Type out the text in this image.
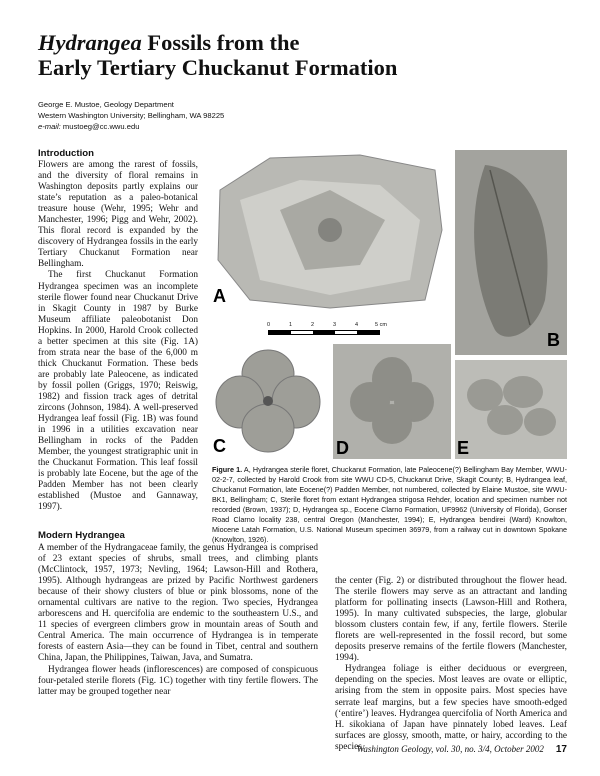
Hydrangea Fossils from the
Early Tertiary Chuckanut Formation
George E. Mustoe, Geology Department
Western Washington University; Bellingham, WA 98225
e-mail: mustoeg@cc.wwu.edu
Introduction

Flowers are among the rarest of fossils, and the diversity of floral remains in Washington deposits partly explains our state’s reputation as a paleo-botanical treasure house (Wehr, 1995; Wehr and Manchester, 1996; Pigg and Wehr, 2002). This floral record is expanded by the discovery of Hydrangea fossils in the early Tertiary Chuckanut Formation near Bellingham.

The first Chuckanut Formation Hydrangea specimen was an incomplete sterile flower found near Chuckanut Drive in Skagit County in 1987 by Burke Museum affiliate paleobotanist Don Hopkins. In 2000, Harold Crook collected a better specimen at this site (Fig. 1A) from strata near the base of the 6,000 m thick Chuckanut Formation. These beds are probably late Paleocene, as indicated by fossil pollen (Griggs, 1970; Reiswig, 1982) and fission track ages of detrital zircons (Johnson, 1984). A well-preserved Hydrangea leaf fossil (Fig. 1B) was found in 1996 in a utilities excavation near Bellingham in rocks of the Padden Member, the youngest stratigraphic unit in the Chuckanut Formation. This leaf fossil is probably late Eocene, but the age of the Padden Member has not been clearly established (Mustoe and Gannaway, 1997).

Modern Hydrangea

A member of the Hydrangaceae family, the genus Hydrangea is comprised of 23 extant species of shrubs, small trees, and climbing plants (McClintock, 1957, 1973; Nevling, 1964; Lawson-Hill and Rothera, 1995). Although hydrangeas are prized by Pacific Northwest gardeners because of their showy clusters of blue or pink blossoms, none of the ornamental cultivars are native to the region. Two species, Hydrangea arborescens and H. quercifolia are endemic to the southeastern U.S., and 11 species of evergreen climbers grow in mountain areas of South and Central America. The main occurrence of Hydrangea is in temperate forests of eastern Asia—they can be found in Tibet, central and southern China, Japan, the Philippines, Taiwan, Java, and Sumatra.

Hydrangea flower heads (inflorescences) are composed of conspicuous four-petaled sterile florets (Fig. 1C) together with tiny fertile flowers. The latter may be grouped together near

the center (Fig. 2) or distributed throughout the flower head. The sterile flowers may serve as an attractant and landing platform for pollinating insects (Lawson-Hill and Rothera, 1995). In many cultivated subspecies, the large, globular blossom clusters contain few, if any, fertile flowers. Sterile florets are well-represented in the fossil record, but some deposits preserve remains of the fertile flowers (Manchester, 1994).

Hydrangea foliage is either deciduous or evergreen, depending on the species. Most leaves are ovate or elliptic, arising from the stem in opposite pairs. Most species have serrate leaf margins, but a few species have smooth-edged (‘entire’) leaves. Hydrangea quercifolia of North America and H. sikokiana of Japan have pinnately lobed leaves. Leaf surfaces are glossy, smooth, matte, or hairy, according to the species.

A
B
0	1	2	3	4	5 cm
C	D	E
Figure 1. A, Hydrangea sterile floret, Chuckanut Formation, late Paleocene(?) Bellingham Bay Member, WWU-02-2-7, collected by Harold Crook from site WWU CD-5, Chuckanut Drive, Skagit County; B, Hydrangea leaf, Chuckanut Formation, late Eocene(?) Padden Member, not numbered, collected by Elaine Mustoe, site WWU-BK1, Bellingham; C, Sterile floret from extant Hydrangea strigosa Rehder, location and specimen number not recorded (Brown, 1937); D, Hydrangea sp., Eocene Clarno Formation, UF9962 (University of Florida), Gonser Road Clarno locality 238, central Oregon (Manchester, 1994); E, Hydrangea bendirei (Ward) Knowlton, Miocene Latah Formation, U.S. National Museum specimen 36979, from a railway cut in downtown Spokane (Knowlton, 1926).
Washington Geology, vol. 30, no. 3/4, October 2002 17
